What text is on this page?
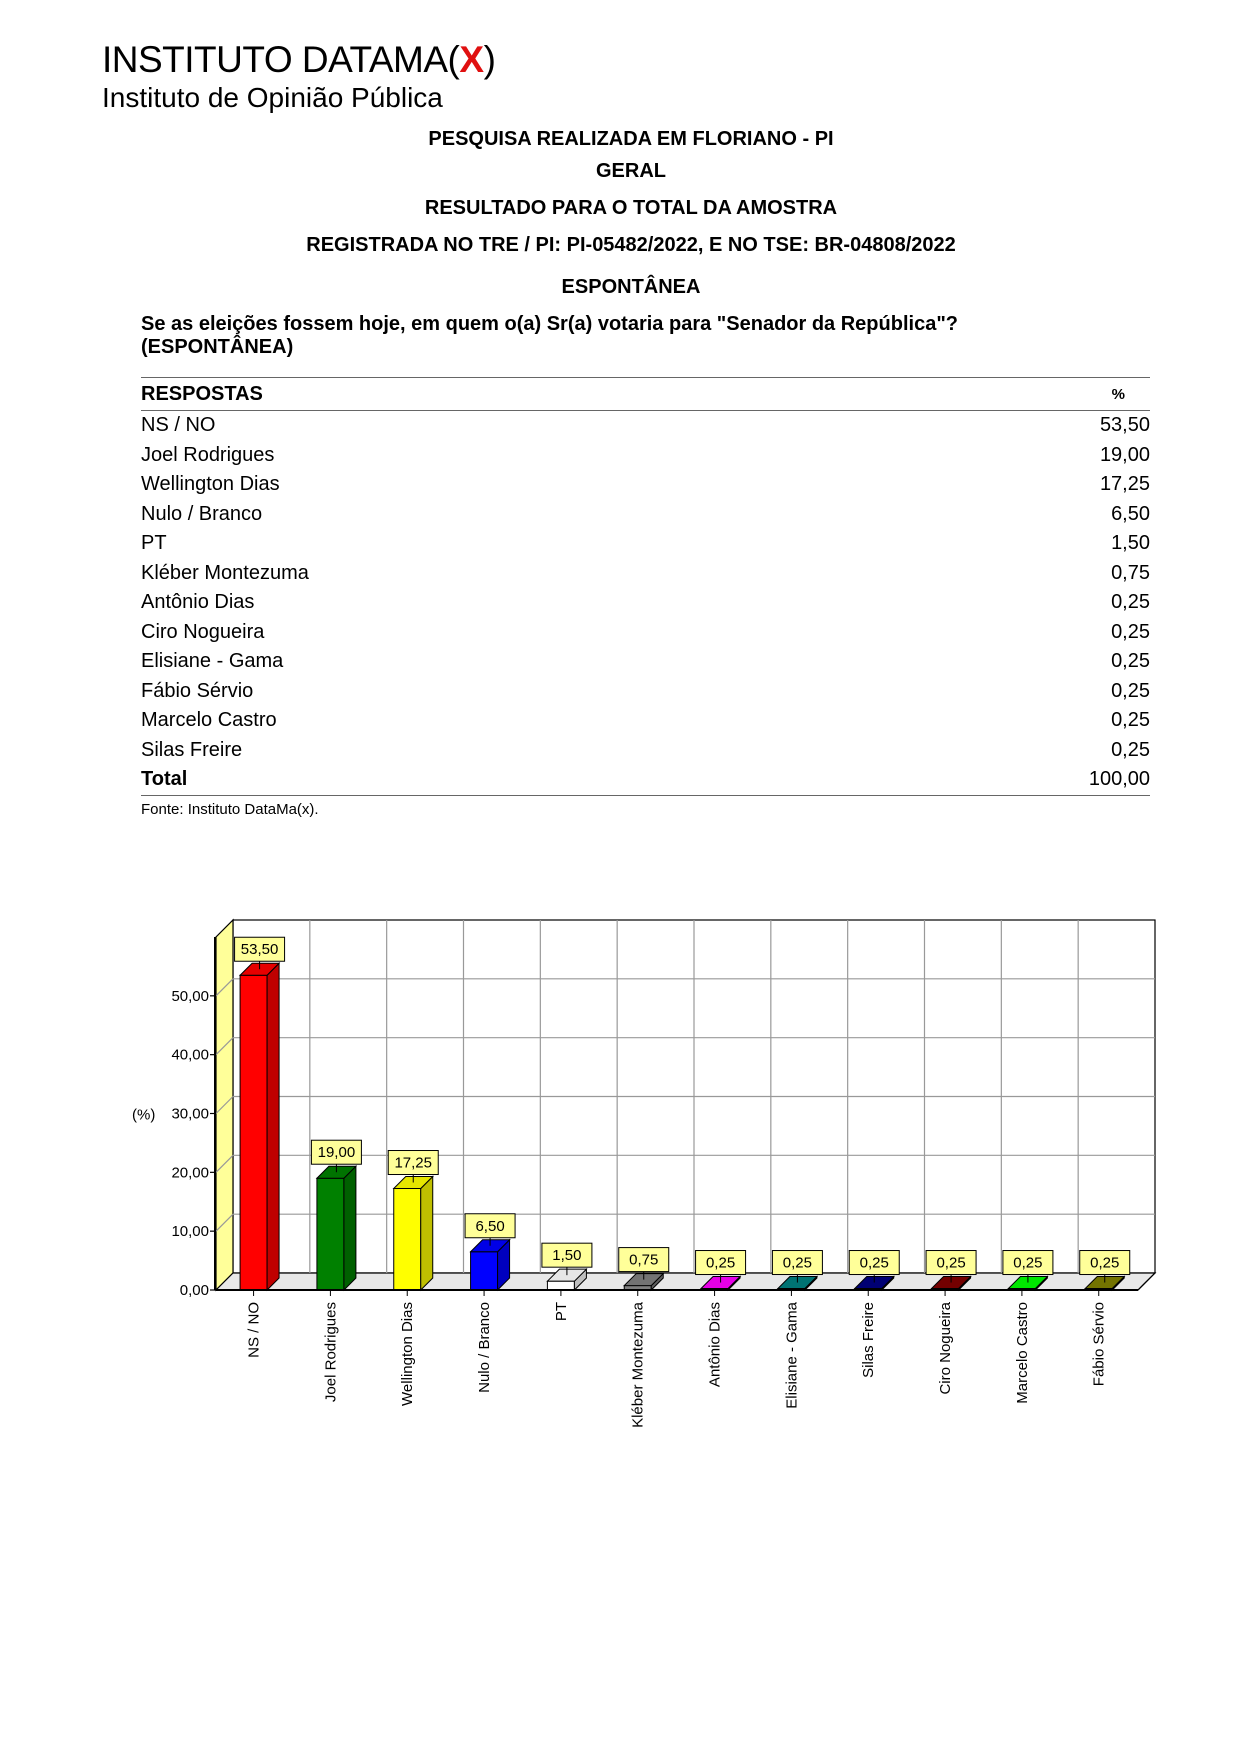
INSTITUTO DATAMA(X)
Instituto de Opinião Pública
PESQUISA REALIZADA EM FLORIANO - PI
GERAL
RESULTADO PARA O TOTAL DA AMOSTRA
REGISTRADA NO TRE / PI: PI-05482/2022, E NO TSE: BR-04808/2022
ESPONTÂNEA
Se as eleições fossem hoje, em quem o(a) Sr(a) votaria para "Senador da República"?
(ESPONTÂNEA)
RESPOSTAS	%
NS / NO	53,50
Joel Rodrigues	19,00
Wellington Dias	17,25
Nulo / Branco	6,50
PT	1,50
Kléber Montezuma	0,75
Antônio Dias	0,25
Ciro Nogueira	0,25
Elisiane - Gama	0,25
Fábio Sérvio	0,25
Marcelo Castro	0,25
Silas Freire	0,25
Total	100,00
Fonte: Instituto DataMa(x).
0,00
10,00
20,00
30,00
40,00
50,00
(%)
53,50
NS / NO
19,00
Joel Rodrigues
17,25
Wellington Dias
6,50
Nulo / Branco
1,50
PT
0,75
Kléber Montezuma
0,25
Antônio Dias
0,25
Elisiane - Gama
0,25
Silas Freire
0,25
Ciro Nogueira
0,25
Marcelo Castro
0,25
Fábio Sérvio
